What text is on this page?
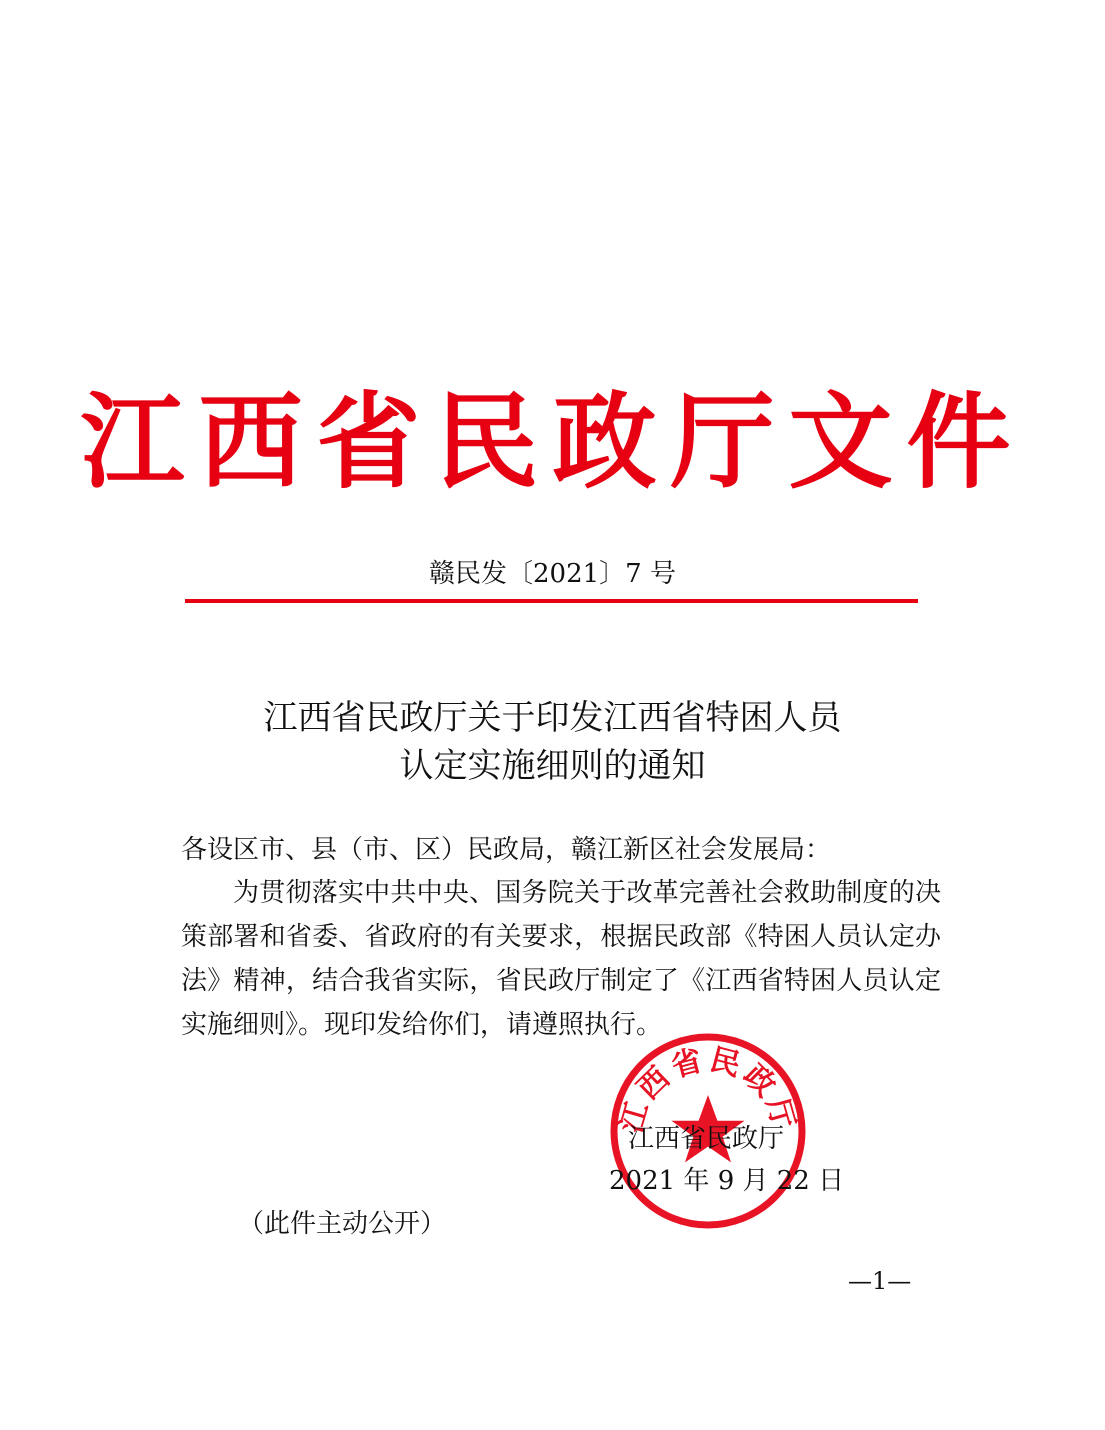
江西省民政厅文件
赣民发〔2021〕7 号
江西省民政厅关于印发江西省特困人员
认定实施细则的通知
各设区市、县（市、区）民政局，赣江新区社会发展局：
为贯彻落实中共中央、国务院关于改革完善社会救助制度的决策部署和省委、省政府的有关要求，根据民政部《特困人员认定办法》精神，结合我省实际，省民政厅制定了《江西省特困人员认定实施细则》。现印发给你们，请遵照执行。
江西省民政厅
江西省民政厅
2021 年 9 月 22 日
（此件主动公开）
—1—
